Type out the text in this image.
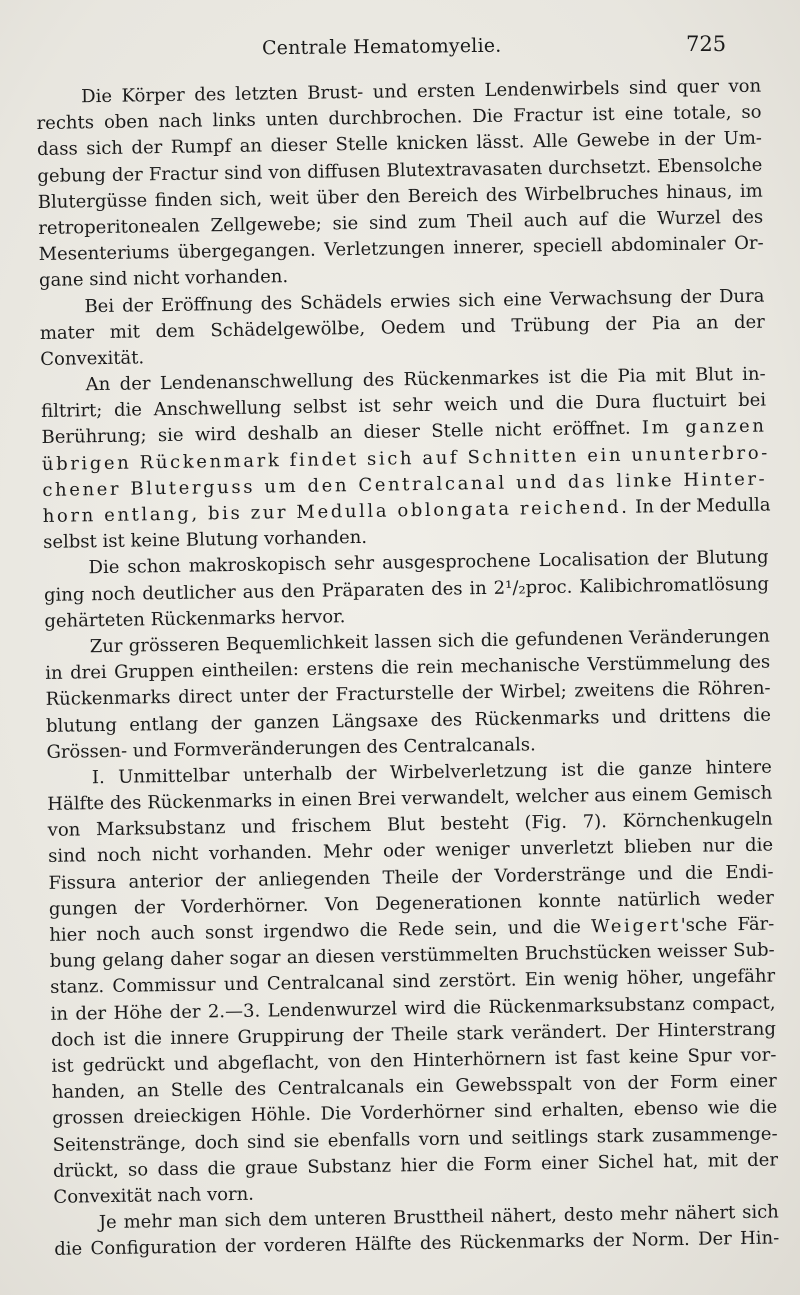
Centrale Hematomyelie.	725
Die Körper des letzten Brust- und ersten Lendenwirbels sind quer von
rechts oben nach links unten durchbrochen. Die Fractur ist eine totale, so
dass sich der Rumpf an dieser Stelle knicken lässt. Alle Gewebe in der Um-
gebung der Fractur sind von diffusen Blutextravasaten durchsetzt. Ebensolche
Blutergüsse finden sich, weit über den Bereich des Wirbelbruches hinaus, im
retroperitonealen Zellgewebe; sie sind zum Theil auch auf die Wurzel des
Mesenteriums übergegangen. Verletzungen innerer, speciell abdominaler Or-
gane sind nicht vorhanden.
Bei der Eröffnung des Schädels erwies sich eine Verwachsung der Dura
mater mit dem Schädelgewölbe, Oedem und Trübung der Pia an der
Convexität.
An der Lendenanschwellung des Rückenmarkes ist die Pia mit Blut in-
filtrirt; die Anschwellung selbst ist sehr weich und die Dura fluctuirt bei
Berührung; sie wird deshalb an dieser Stelle nicht eröffnet. Im ganzen
übrigen Rückenmark findet sich auf Schnitten ein ununterbro-
chener Bluterguss um den Centralcanal und das linke Hinter-
horn entlang, bis zur Medulla oblongata reichend. In der Medulla
selbst ist keine Blutung vorhanden.
Die schon makroskopisch sehr ausgesprochene Localisation der Blutung
ging noch deutlicher aus den Präparaten des in 2¹/₂proc. Kalibichromatlösung
gehärteten Rückenmarks hervor.
Zur grösseren Bequemlichkeit lassen sich die gefundenen Veränderungen
in drei Gruppen eintheilen: erstens die rein mechanische Verstümmelung des
Rückenmarks direct unter der Fracturstelle der Wirbel; zweitens die Röhren-
blutung entlang der ganzen Längsaxe des Rückenmarks und drittens die
Grössen- und Formveränderungen des Centralcanals.
I. Unmittelbar unterhalb der Wirbelverletzung ist die ganze hintere
Hälfte des Rückenmarks in einen Brei verwandelt, welcher aus einem Gemisch
von Marksubstanz und frischem Blut besteht (Fig. 7). Körnchenkugeln
sind noch nicht vorhanden. Mehr oder weniger unverletzt blieben nur die
Fissura anterior der anliegenden Theile der Vorderstränge und die Endi-
gungen der Vorderhörner. Von Degenerationen konnte natürlich weder
hier noch auch sonst irgendwo die Rede sein, und die Weigert'sche Fär-
bung gelang daher sogar an diesen verstümmelten Bruchstücken weisser Sub-
stanz. Commissur und Centralcanal sind zerstört. Ein wenig höher, ungefähr
in der Höhe der 2.—3. Lendenwurzel wird die Rückenmarksubstanz compact,
doch ist die innere Gruppirung der Theile stark verändert. Der Hinterstrang
ist gedrückt und abgeflacht, von den Hinterhörnern ist fast keine Spur vor-
handen, an Stelle des Centralcanals ein Gewebsspalt von der Form einer
grossen dreieckigen Höhle. Die Vorderhörner sind erhalten, ebenso wie die
Seitenstränge, doch sind sie ebenfalls vorn und seitlings stark zusammenge-
drückt, so dass die graue Substanz hier die Form einer Sichel hat, mit der
Convexität nach vorn.
Je mehr man sich dem unteren Brusttheil nähert, desto mehr nähert sich
die Configuration der vorderen Hälfte des Rückenmarks der Norm. Der Hin-
